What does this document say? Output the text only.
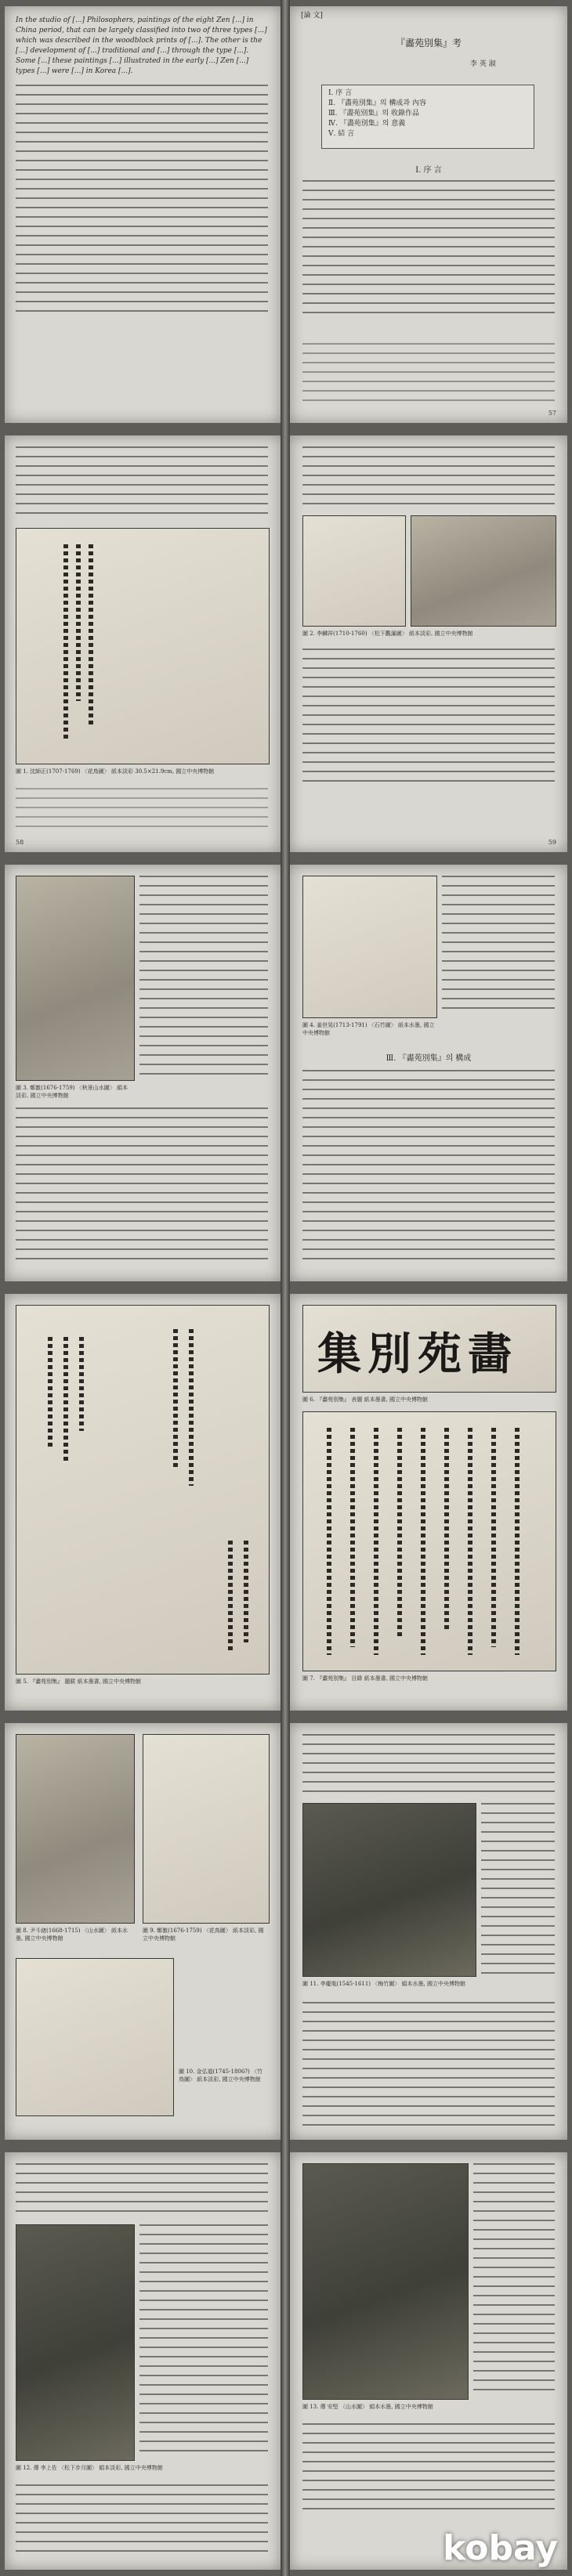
In the studio of [...] Philosophers, paintings of the eight Zen [...] in China period, that can be largely classified into two of three types [...] which was described in the woodblock prints of [...]. The other is the [...] development of [...] traditional and [...] through the type [...]. Some [...] these paintings [...] illustrated in the early [...] Zen [...] types [...] were [...] in Korea [...].
[論 文]
『畵苑別集』考
李 英 淑
Ⅰ. 序 言
Ⅱ. 『畵苑別集』의 構成과 內容
Ⅲ. 『畵苑別集』의 收錄作品
Ⅳ. 『畵苑別集』의 意義
Ⅴ. 結 言
Ⅰ. 序 言
57
圖 1. 沈師正(1707-1769) 〈花鳥圖〉 紙本淡彩 30.5×21.9cm, 國立中央博物館
58
圖 2. 李麟祥(1710-1760) 〈松下觀瀑圖〉 紙本淡彩, 國立中央博物館
59
圖 3. 鄭敾(1676-1759) 〈秋景山水圖〉 絹本淡彩, 國立中央博物館
圖 4. 姜世晃(1713-1791) 〈石竹圖〉 紙本水墨, 國立中央博物館
Ⅲ. 『畵苑別集』의 構成
圖 5. 『畵苑別集』 題跋 紙本墨書, 國立中央博物館
集別苑畵
圖 6. 『畵苑別集』 表題 紙本墨書, 國立中央博物館
圖 7. 『畵苑別集』 目錄 紙本墨書, 國立中央博物館
圖 8. 尹斗緖(1668-1715) 〈山水圖〉 紙本水墨, 國立中央博物館
圖 9. 鄭敾(1676-1759) 〈花鳥圖〉 紙本淡彩, 國立中央博物館
圖 10. 金弘道(1745-1806?) 〈竹鳥圖〉 紙本淡彩, 國立中央博物館
圖 11. 李慶胤(1545-1611) 〈梅竹圖〉 絹本水墨, 國立中央博物館
圖 12. 傳 李上佐 〈松下步月圖〉 絹本淡彩, 國立中央博物館
圖 13. 傳 安堅 〈山水圖〉 絹本水墨, 國立中央博物館
kobay
